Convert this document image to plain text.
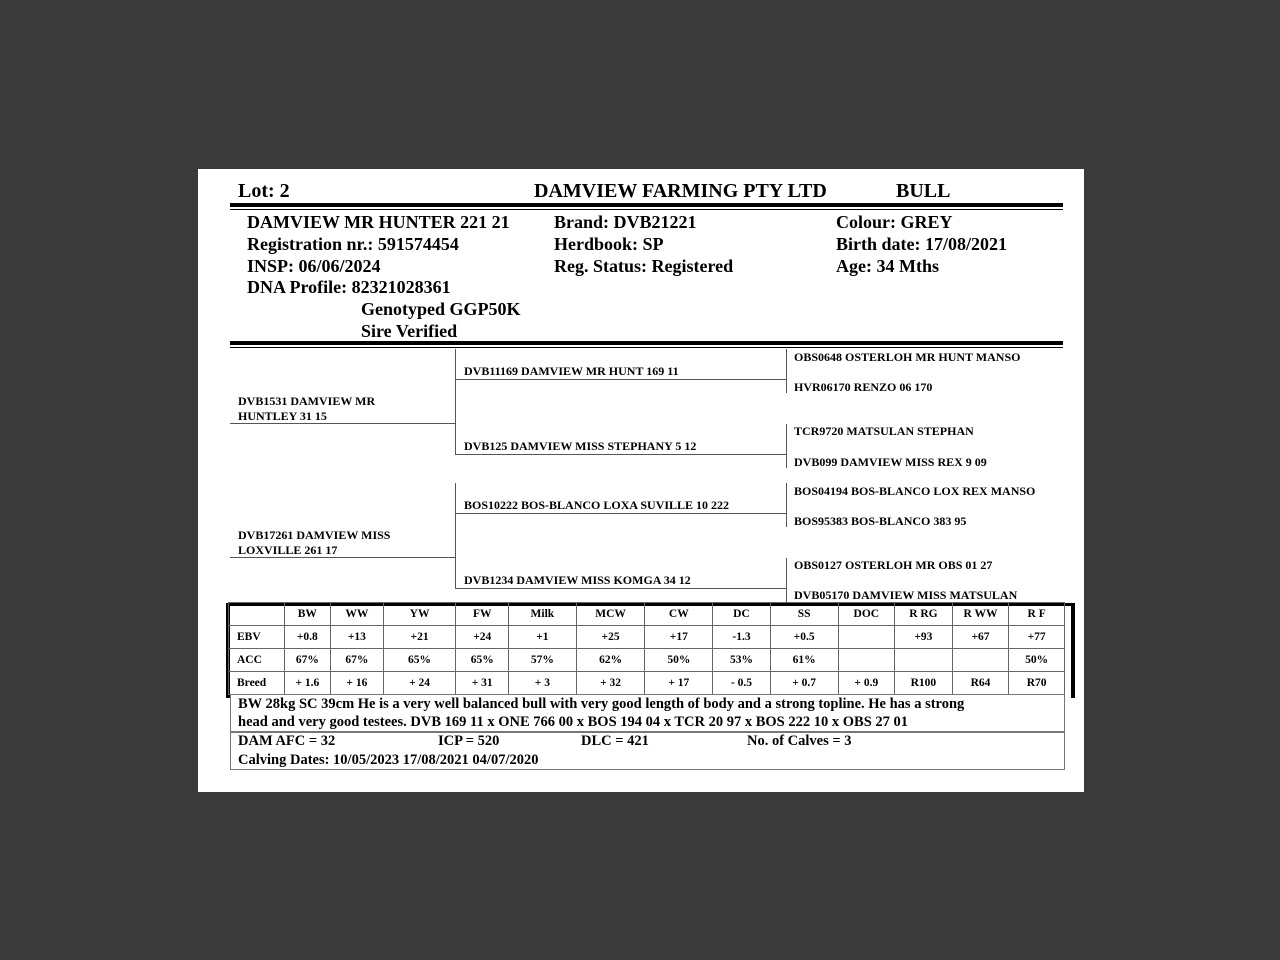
Lot: 2	DAMVIEW FARMING PTY LTD	BULL
DAMVIEW MR HUNTER 221 21
Registration nr.: 591574454
INSP: 06/06/2024
DNA Profile: 82321028361
Genotyped GGP50K
Sire Verified
Brand: DVB21221
Herdbook: SP
Reg. Status: Registered
Colour: GREY
Birth date: 17/08/2021
Age: 34 Mths
DVB1531 DAMVIEW MR
HUNTLEY 31 15
DVB17261 DAMVIEW MISS
LOXVILLE 261 17
DVB11169 DAMVIEW MR HUNT 169 11
DVB125 DAMVIEW MISS STEPHANY 5 12
BOS10222 BOS-BLANCO LOXA SUVILLE 10 222
DVB1234 DAMVIEW MISS KOMGA 34 12
OBS0648 OSTERLOH MR HUNT MANSO
HVR06170 RENZO 06 170
TCR9720 MATSULAN STEPHAN
DVB099 DAMVIEW MISS REX 9 09
BOS04194 BOS-BLANCO LOX REX MANSO
BOS95383 BOS-BLANCO 383 95
OBS0127 OSTERLOH MR OBS 01 27
DVB05170 DAMVIEW MISS MATSULAN
	BW	WW	YW	FW	Milk	MCW	CW	DC	SS	DOC	R RG	R WW	R F
EBV	+0.8	+13	+21	+24	+1	+25	+17	-1.3	+0.5		+93	+67	+77
ACC	67%	67%	65%	65%	57%	62%	50%	53%	61%				50%
Breed	+ 1.6	+ 16	+ 24	+ 31	+ 3	+ 32	+ 17	- 0.5	+ 0.7	+ 0.9	R100	R64	R70
BW 28kg SC 39cm He is a very well balanced bull with very good length of body and a strong topline. He has a strong
head and very good testees. DVB 169 11 x ONE 766 00 x BOS 194 04 x TCR 20 97 x BOS 222 10 x OBS 27 01
DAM AFC = 32	ICP = 520	DLC = 421	No. of Calves = 3
Calving Dates: 10/05/2023 17/08/2021 04/07/2020
